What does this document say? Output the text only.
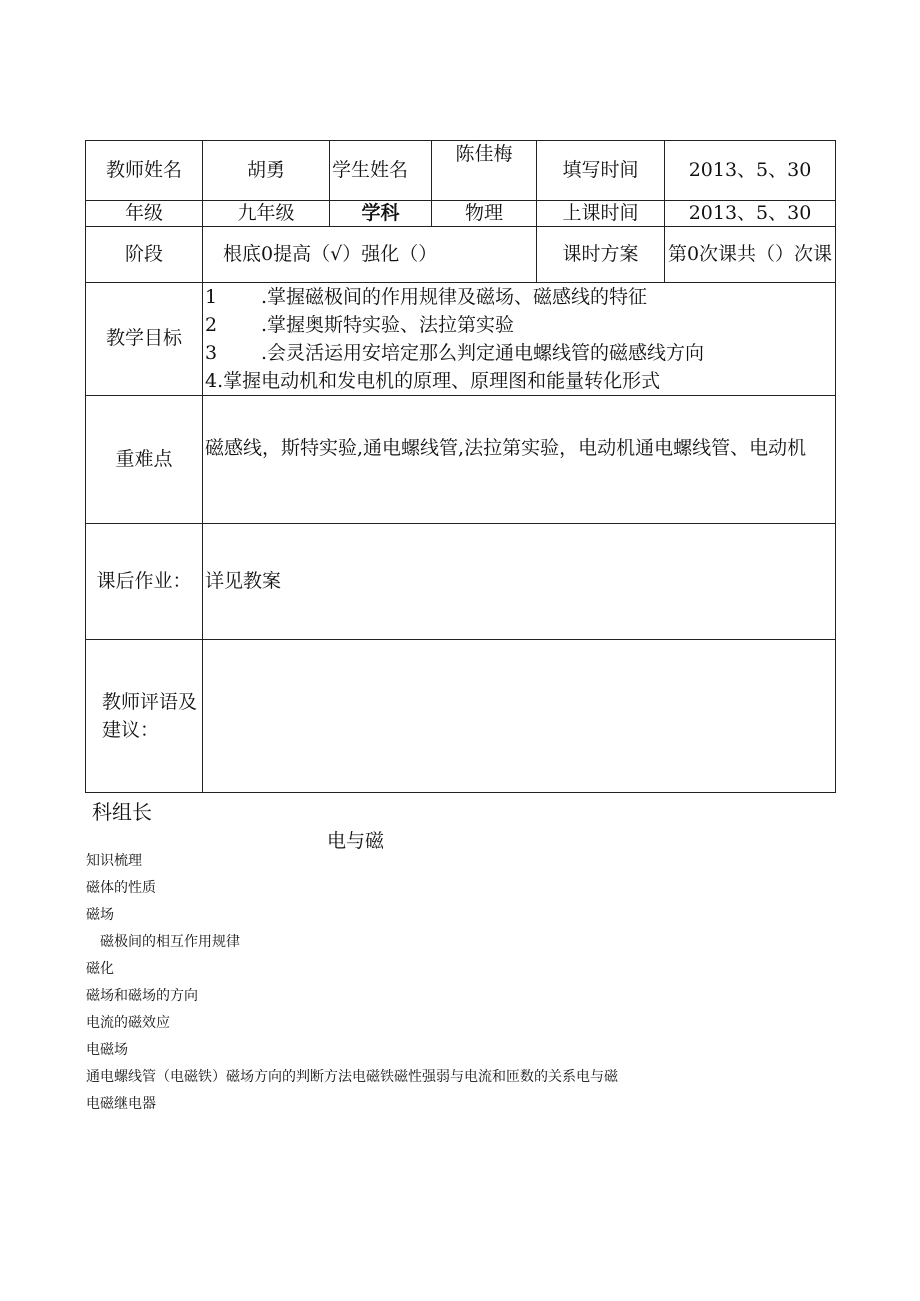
教师姓名	胡勇	学生姓名	陈佳梅	填写时间	2013、5、30
年级	九年级	学科	物理	上课时间	2013、5、30
阶段	根底0提高（√）强化（）			课时方案	第0次课共（）次课
教学目标	1 .掌握磁极间的作用规律及磁场、磁感线的特征
2 .掌握奥斯特实验、法拉第实验
3 .会灵活运用安培定那么判定通电螺线管的磁感线方向
4.掌握电动机和发电机的原理、原理图和能量转化形式				

重难点	磁感线，斯特实验,通电螺线管,法拉第实验，电动机通电螺线管、电动机				
课后作业：	详见教案				
教师评语及建议：					
科组长
电与磁
知识梳理
磁体的性质
磁场
磁极间的相互作用规律
磁化
磁场和磁场的方向
电流的磁效应
电磁场
通电螺线管（电磁铁）磁场方向的判断方法电磁铁磁性强弱与电流和匝数的关系电与磁
电磁继电器
